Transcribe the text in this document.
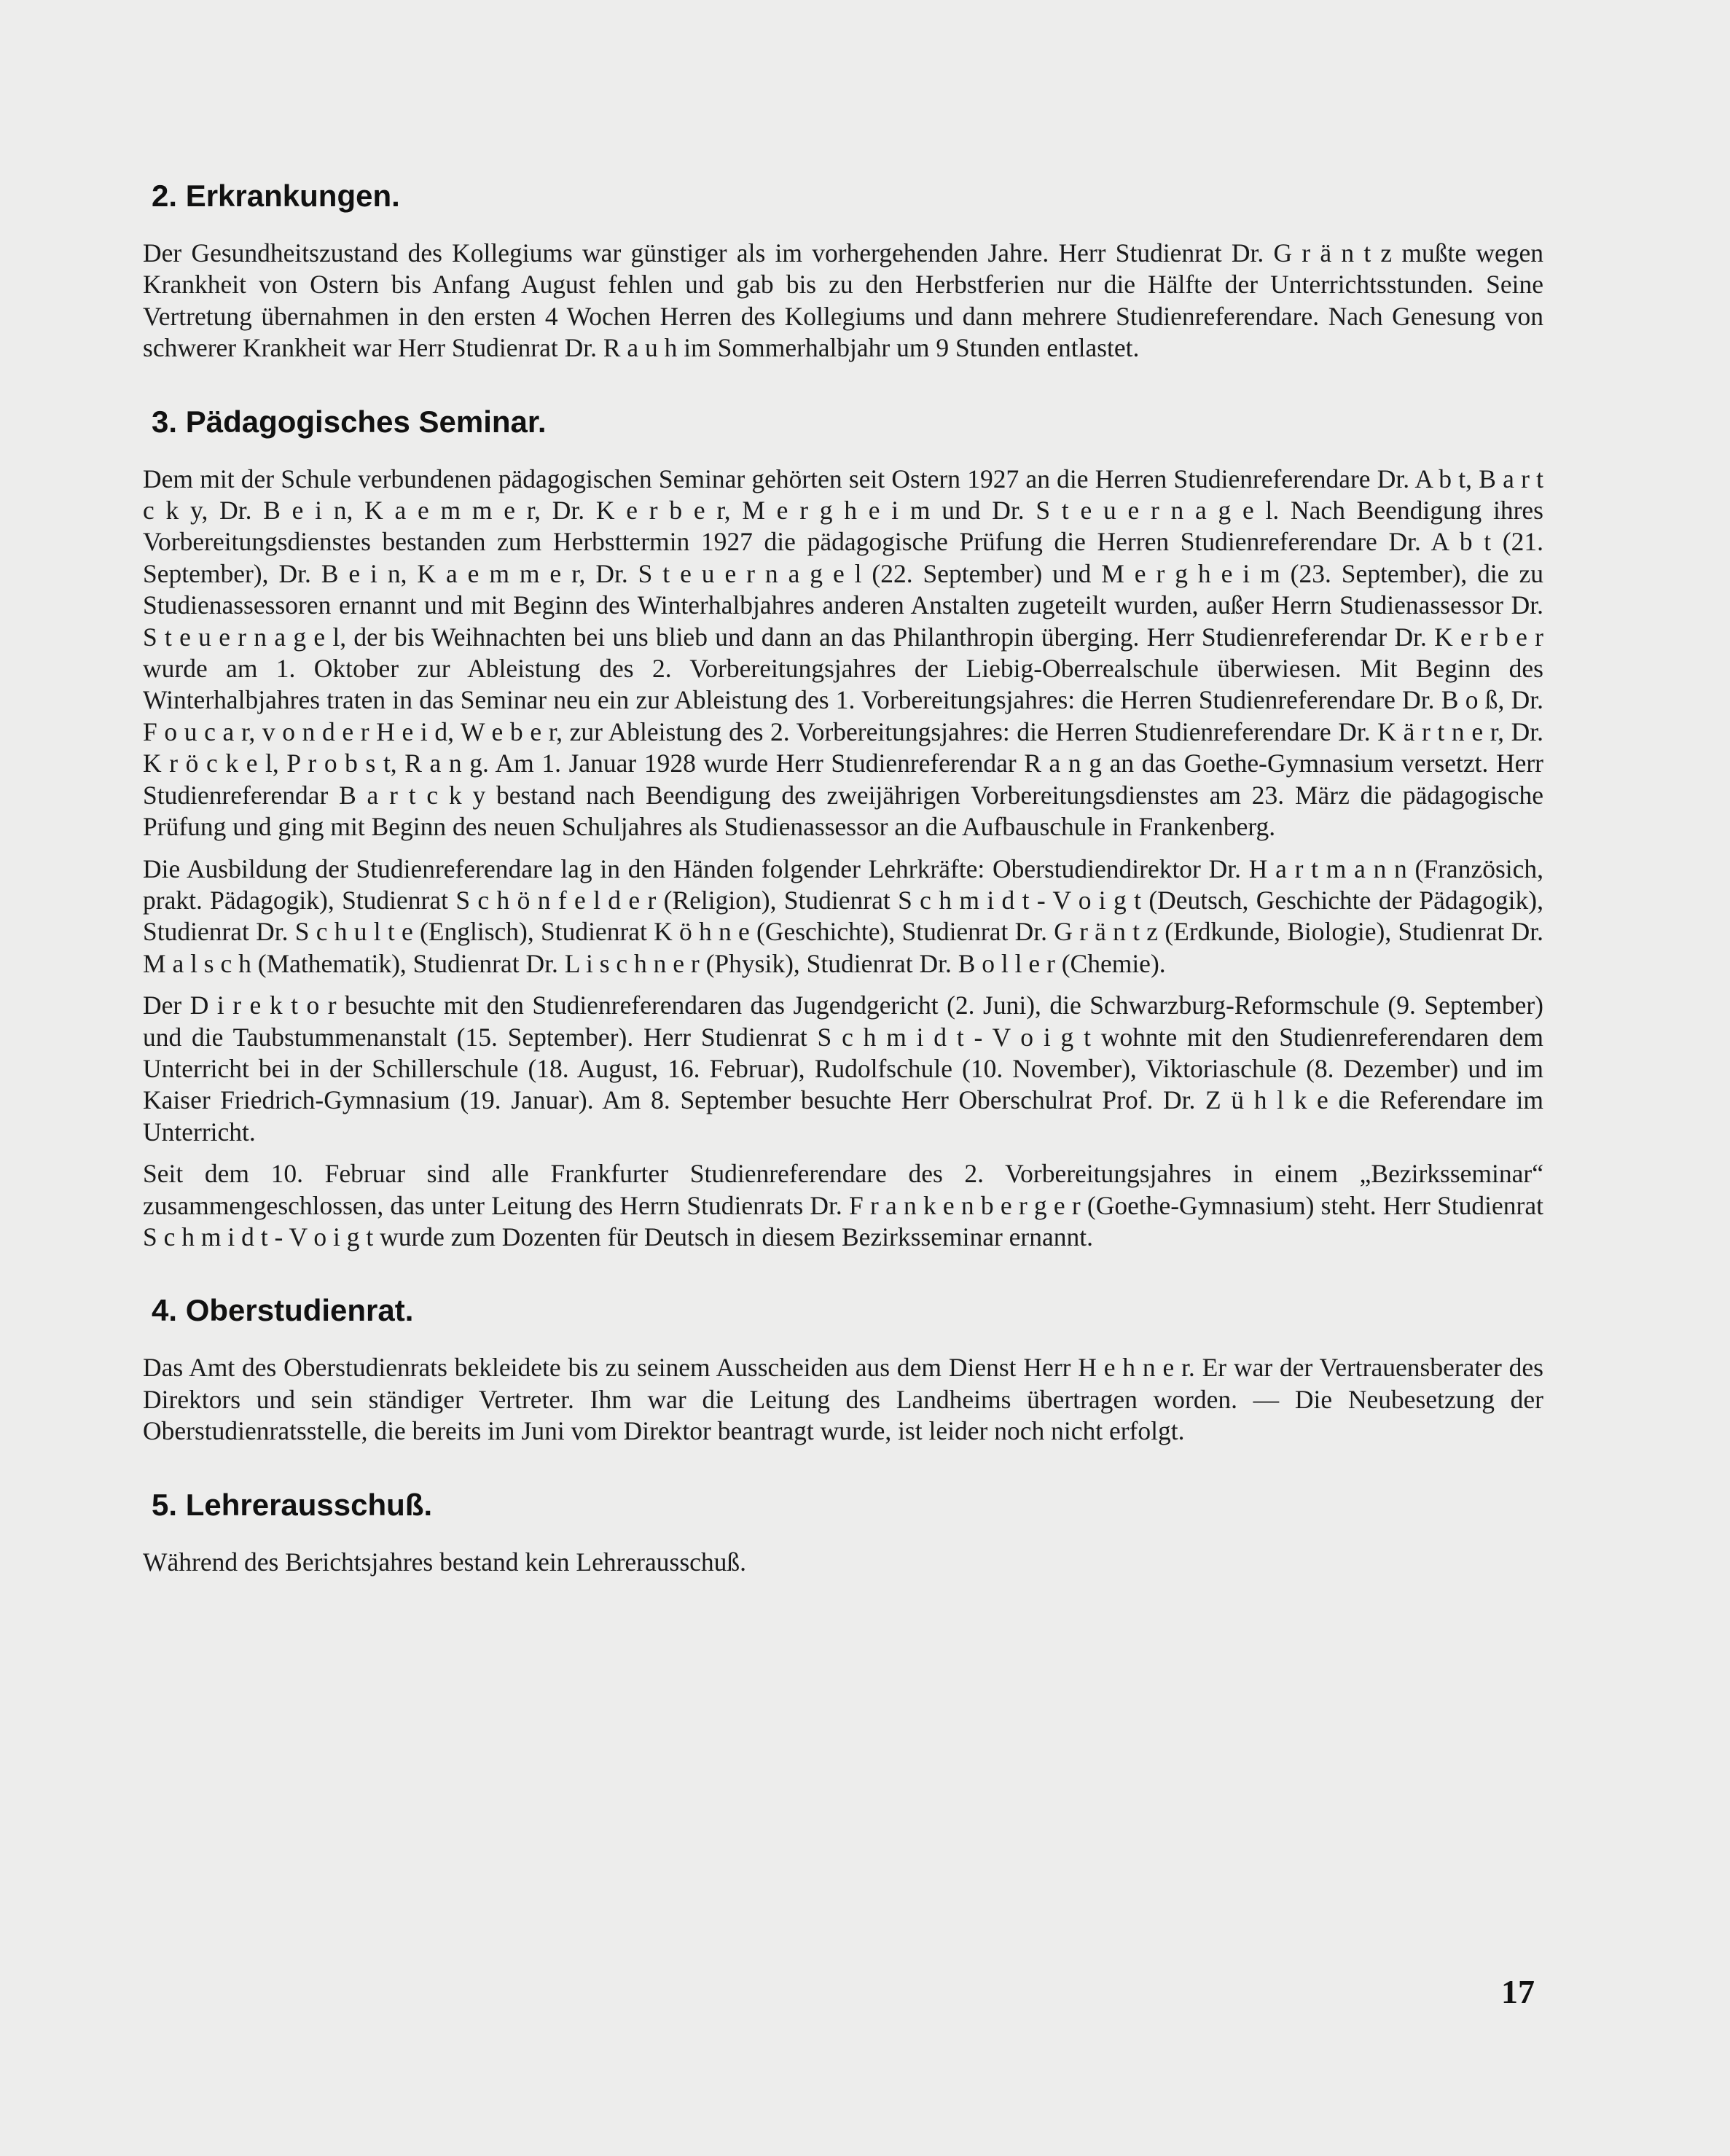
2. Erkrankungen.

Der Gesundheitszustand des Kollegiums war günstiger als im vorhergehenden Jahre. Herr Studienrat Dr. G r ä n t z mußte wegen Krankheit von Ostern bis Anfang August fehlen und gab bis zu den Herbstferien nur die Hälfte der Unterrichtsstunden. Seine Vertretung übernahmen in den ersten 4 Wochen Herren des Kollegiums und dann mehrere Studienreferendare. Nach Genesung von schwerer Krankheit war Herr Studienrat Dr. R a u h im Sommerhalbjahr um 9 Stunden entlastet.

3. Pädagogisches Seminar.

Dem mit der Schule verbundenen pädagogischen Seminar gehörten seit Ostern 1927 an die Herren Studienreferendare Dr. A b t, B a r t c k y, Dr. B e i n, K a e m m e r, Dr. K e r b e r, M e r g h e i m und Dr. S t e u e r n a g e l. Nach Beendigung ihres Vorbereitungsdienstes bestanden zum Herbsttermin 1927 die pädagogische Prüfung die Herren Studienreferendare Dr. A b t (21. September), Dr. B e i n, K a e m m e r, Dr. S t e u e r n a g e l (22. September) und M e r g h e i m (23. September), die zu Studienassessoren ernannt und mit Beginn des Winterhalbjahres anderen Anstalten zugeteilt wurden, außer Herrn Studienassessor Dr. S t e u e r n a g e l, der bis Weihnachten bei uns blieb und dann an das Philanthropin überging. Herr Studienreferendar Dr. K e r b e r wurde am 1. Oktober zur Ableistung des 2. Vorbereitungsjahres der Liebig-Oberrealschule überwiesen. Mit Beginn des Winterhalbjahres traten in das Seminar neu ein zur Ableistung des 1. Vorbereitungsjahres: die Herren Studienreferendare Dr. B o ß, Dr. F o u c a r, v o n d e r H e i d, W e b e r, zur Ableistung des 2. Vorbereitungsjahres: die Herren Studienreferendare Dr. K ä r t n e r, Dr. K r ö c k e l, P r o b s t, R a n g. Am 1. Januar 1928 wurde Herr Studienreferendar R a n g an das Goethe-Gymnasium versetzt. Herr Studienreferendar B a r t c k y bestand nach Beendigung des zweijährigen Vorbereitungsdienstes am 23. März die pädagogische Prüfung und ging mit Beginn des neuen Schuljahres als Studienassessor an die Aufbauschule in Frankenberg.

Die Ausbildung der Studienreferendare lag in den Händen folgender Lehrkräfte: Oberstudiendirektor Dr. H a r t m a n n (Französich, prakt. Pädagogik), Studienrat S c h ö n f e l d e r (Religion), Studienrat S c h m i d t - V o i g t (Deutsch, Geschichte der Pädagogik), Studienrat Dr. S c h u l t e (Englisch), Studienrat K ö h n e (Geschichte), Studienrat Dr. G r ä n t z (Erdkunde, Biologie), Studienrat Dr. M a l s c h (Mathematik), Studienrat Dr. L i s c h n e r (Physik), Studienrat Dr. B o l l e r (Chemie).

Der D i r e k t o r besuchte mit den Studienreferendaren das Jugendgericht (2. Juni), die Schwarzburg-Reformschule (9. September) und die Taubstummenanstalt (15. September). Herr Studienrat S c h m i d t - V o i g t wohnte mit den Studienreferendaren dem Unterricht bei in der Schillerschule (18. August, 16. Februar), Rudolfschule (10. November), Viktoriaschule (8. Dezember) und im Kaiser Friedrich-Gymnasium (19. Januar). Am 8. September besuchte Herr Oberschulrat Prof. Dr. Z ü h l k e die Referendare im Unterricht.

Seit dem 10. Februar sind alle Frankfurter Studienreferendare des 2. Vorbereitungsjahres in einem „Bezirksseminar“ zusammengeschlossen, das unter Leitung des Herrn Studienrats Dr. F r a n k e n b e r g e r (Goethe-Gymnasium) steht. Herr Studienrat S c h m i d t - V o i g t wurde zum Dozenten für Deutsch in diesem Bezirksseminar ernannt.

4. Oberstudienrat.

Das Amt des Oberstudienrats bekleidete bis zu seinem Ausscheiden aus dem Dienst Herr H e h n e r. Er war der Vertrauensberater des Direktors und sein ständiger Vertreter. Ihm war die Leitung des Landheims übertragen worden. — Die Neubesetzung der Oberstudienratsstelle, die bereits im Juni vom Direktor beantragt wurde, ist leider noch nicht erfolgt.

5. Lehrerausschuß.

Während des Berichtsjahres bestand kein Lehrerausschuß.

17
